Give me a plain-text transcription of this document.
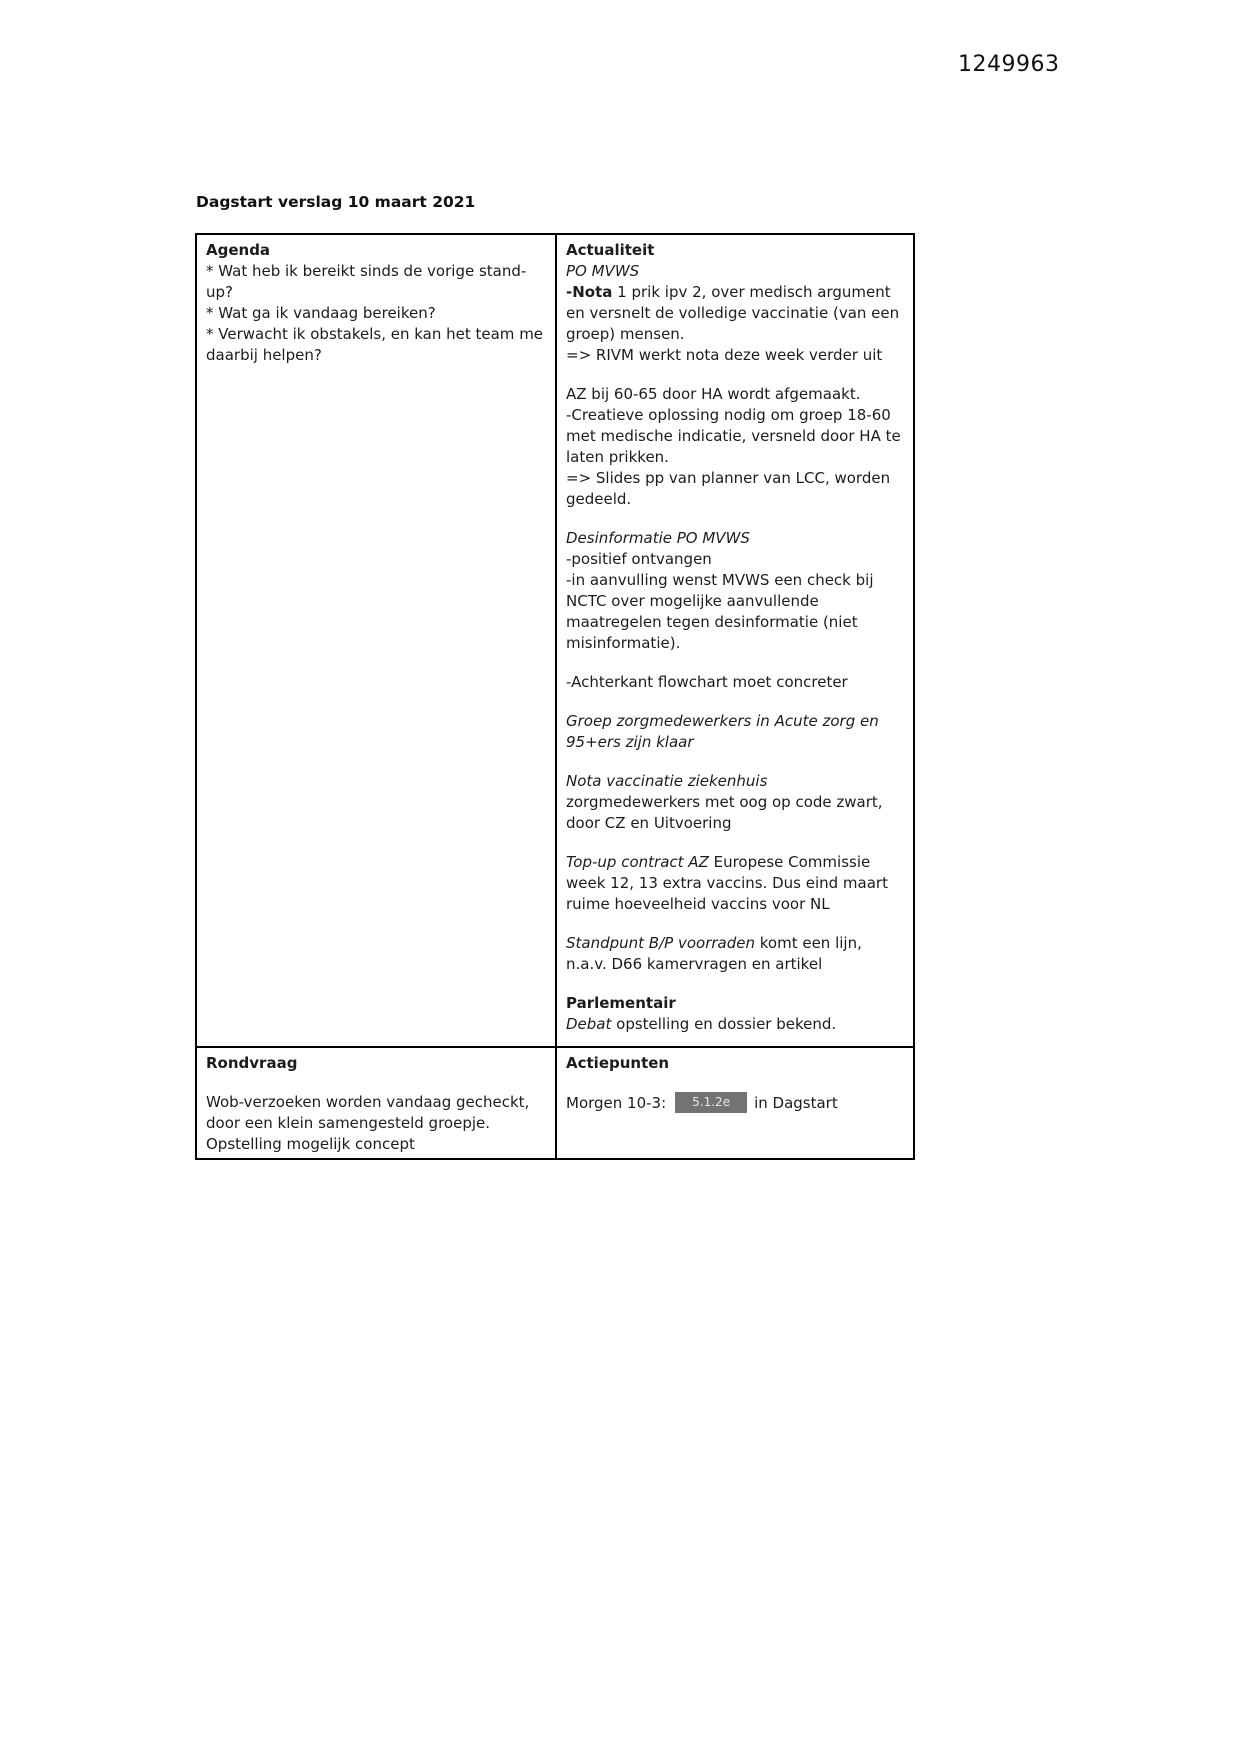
1249963
Dagstart verslag 10 maart 2021

Agenda

* Wat heb ik bereikt sinds de vorige stand-up?

* Wat ga ik vandaag bereiken?

* Verwacht ik obstakels, en kan het team me daarbij helpen?

Actualiteit

PO MVWS

-Nota 1 prik ipv 2, over medisch argument en versnelt de volledige vaccinatie (van een groep) mensen.

=> RIVM werkt nota deze week verder uit

AZ bij 60-65 door HA wordt afgemaakt.

-Creatieve oplossing nodig om groep 18-60 met medische indicatie, versneld door HA te laten prikken.

=> Slides pp van planner van LCC, worden gedeeld.

Desinformatie PO MVWS

-positief ontvangen

-in aanvulling wenst MVWS een check bij NCTC over mogelijke aanvullende maatregelen tegen desinformatie (niet misinformatie).

-Achterkant flowchart moet concreter

Groep zorgmedewerkers in Acute zorg en 95+ers zijn klaar

Nota vaccinatie ziekenhuis zorgmedewerkers met oog op code zwart, door CZ en Uitvoering

Top-up contract AZ Europese Commissie week 12, 13 extra vaccins. Dus eind maart ruime hoeveelheid vaccins voor NL

Standpunt B/P voorraden komt een lijn, n.a.v. D66 kamervragen en artikel

Parlementair

Debat opstelling en dossier bekend.

Rondvraag

Wob-verzoeken worden vandaag gecheckt, door een klein samengesteld groepje. Opstelling mogelijk concept

Actiepunten

Morgen 10-3: 5.1.2e in Dagstart
